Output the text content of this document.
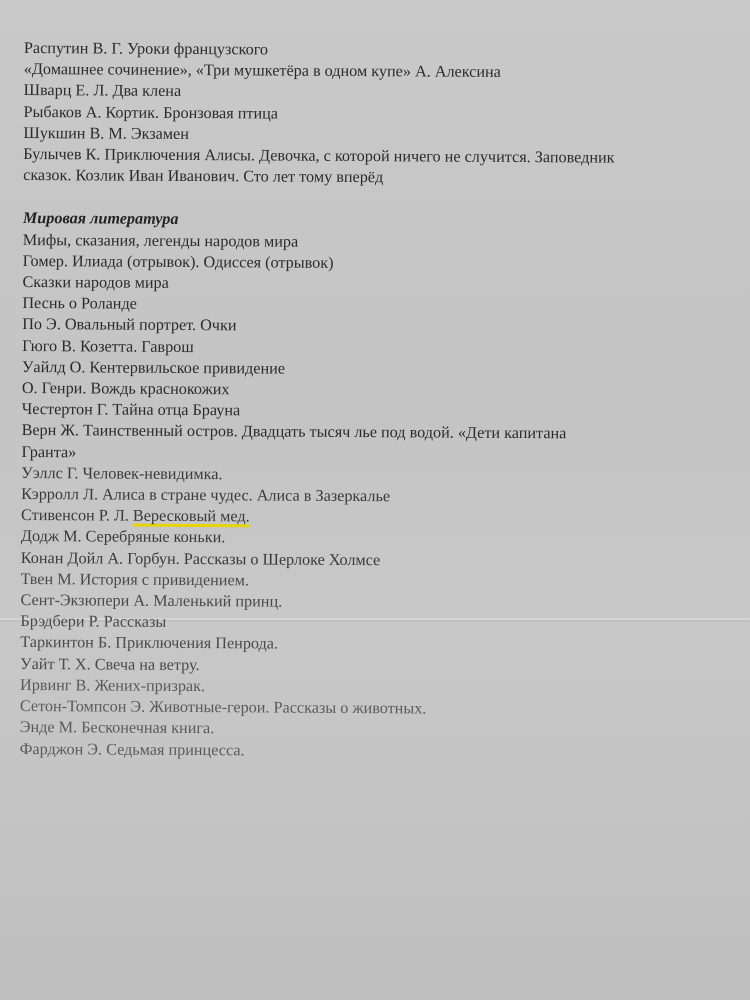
Распутин В. Г. Уроки французского
«Домашнее сочинение», «Три мушкетёра в одном купе» А. Алексина
Шварц Е. Л. Два клена
Рыбаков А. Кортик. Бронзовая птица
Шукшин В. М. Экзамен
Булычев К. Приключения Алисы. Девочка, с которой ничего не случится. Заповедник
сказок. Козлик Иван Иванович. Сто лет тому вперёд
Мировая литература
Мифы, сказания, легенды народов мира
Гомер. Илиада (отрывок). Одиссея (отрывок)
Сказки народов мира
Песнь о Роланде
По Э. Овальный портрет. Очки
Гюго В. Козетта. Гаврош
Уайлд О. Кентервильское привидение
О. Генри. Вождь краснокожих
Честертон Г. Тайна отца Брауна
Верн Ж. Таинственный остров. Двадцать тысяч лье под водой. «Дети капитана
Гранта»
Уэллс Г. Человек-невидимка.
Кэрролл Л. Алиса в стране чудес. Алиса в Зазеркалье
Стивенсон Р. Л. Вересковый мед.
Додж М. Серебряные коньки.
Конан Дойл А. Горбун. Рассказы о Шерлоке Холмсе
Твен М. История с привидением.
Сент-Экзюпери А. Маленький принц.
Брэдбери Р. Рассказы
Таркинтон Б. Приключения Пенрода.
Уайт Т. Х. Свеча на ветру.
Ирвинг В. Жених-призрак.
Сетон-Томпсон Э. Животные-герои. Рассказы о животных.
Энде М. Бесконечная книга.
Фарджон Э. Седьмая принцесса.
